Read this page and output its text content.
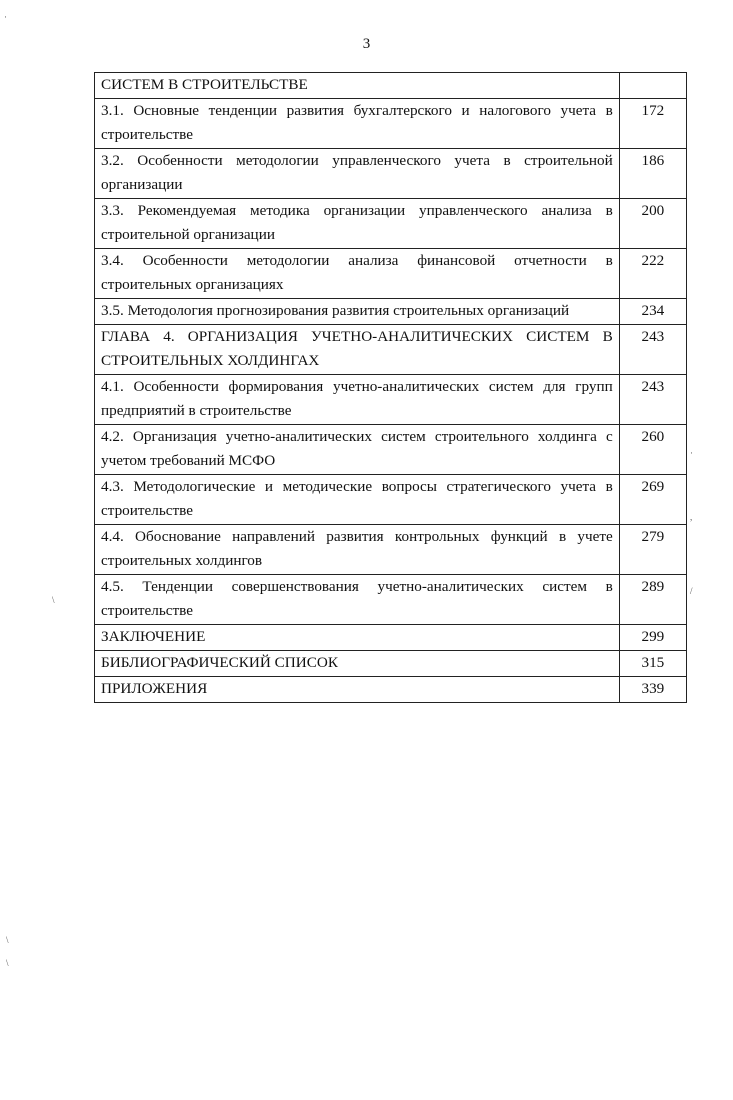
3
СИСТЕМ В СТРОИТЕЛЬСТВЕ	
3.1. Основные тенденции развития бухгалтерского и налогового учета в строительстве	172
3.2. Особенности методологии управленческого учета в строительной организации	186
3.3. Рекомендуемая методика организации управленческого анализа в строительной организации	200
3.4. Особенности методологии анализа финансовой отчетности в строительных организациях	222
3.5. Методология прогнозирования развития строительных организаций	234
ГЛАВА 4. ОРГАНИЗАЦИЯ УЧЕТНО-АНАЛИТИЧЕСКИХ СИСТЕМ В СТРОИТЕЛЬНЫХ ХОЛДИНГАХ	243
4.1. Особенности формирования учетно-аналитических систем для групп предприятий в строительстве	243
4.2. Организация учетно-аналитических систем строительного холдинга с учетом требований МСФО	260
4.3. Методологические и методические вопросы стратегического учета в строительстве	269
4.4. Обоснование направлений развития контрольных функций в учете строительных холдингов	279
4.5. Тенденции совершенствования учетно-аналитических систем в строительстве	289
ЗАКЛЮЧЕНИЕ	299
БИБЛИОГРАФИЧЕСКИЙ СПИСОК	315
ПРИЛОЖЕНИЯ	339
·
\
\
\
·
,
/
